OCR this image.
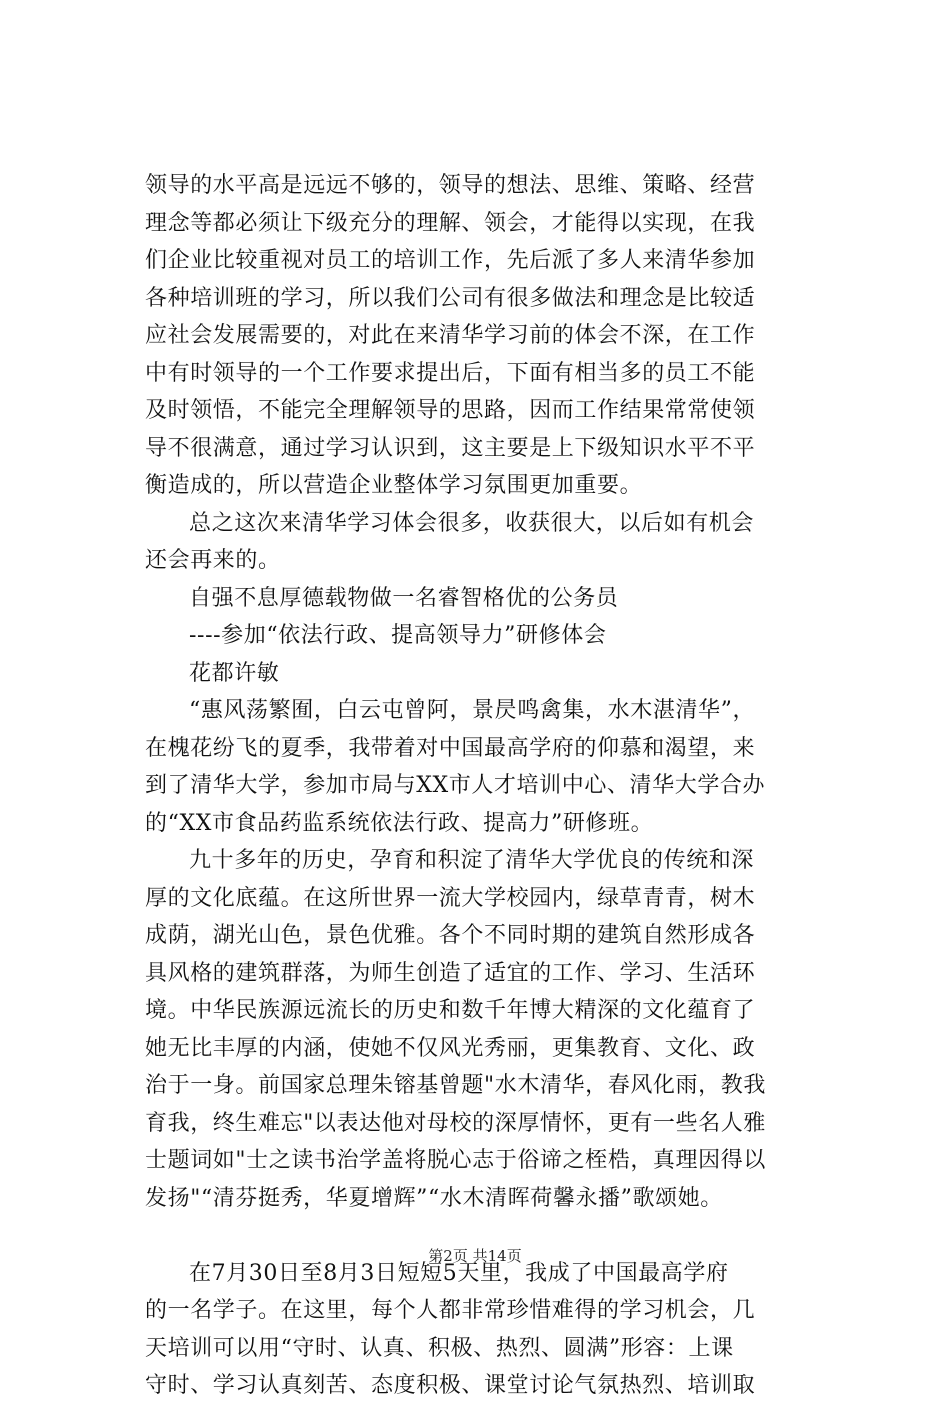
领导的水平高是远远不够的，领导的想法、思维、策略、经营
理念等都必须让下级充分的理解、领会，才能得以实现，在我
们企业比较重视对员工的培训工作，先后派了多人来清华参加
各种培训班的学习，所以我们公司有很多做法和理念是比较适
应社会发展需要的，对此在来清华学习前的体会不深，在工作
中有时领导的一个工作要求提出后，下面有相当多的员工不能
及时领悟，不能完全理解领导的思路，因而工作结果常常使领
导不很满意，通过学习认识到，这主要是上下级知识水平不平
衡造成的，所以营造企业整体学习氛围更加重要。
总之这次来清华学习体会很多，收获很大，以后如有机会
还会再来的。
自强不息厚德载物做一名睿智格优的公务员
----参加“依法行政、提高领导力”研修体会
花都许敏
“惠风荡繁囿，白云屯曾阿，景昃鸣禽集，水木湛清华”，
在槐花纷飞的夏季，我带着对中国最高学府的仰慕和渴望，来
到了清华大学，参加市局与XX市人才培训中心、清华大学合办
的“XX市食品药监系统依法行政、提高力”研修班。
九十多年的历史，孕育和积淀了清华大学优良的传统和深
厚的文化底蕴。在这所世界一流大学校园内，绿草青青，树木
成荫，湖光山色，景色优雅。各个不同时期的建筑自然形成各
具风格的建筑群落，为师生创造了适宜的工作、学习、生活环
境。中华民族源远流长的历史和数千年博大精深的文化蕴育了
她无比丰厚的内涵，使她不仅风光秀丽，更集教育、文化、政
治于一身。前国家总理朱镕基曾题"水木清华，春风化雨，教我
育我，终生难忘"以表达他对母校的深厚情怀，更有一些名人雅
士题词如"士之读书治学盖将脱心志于俗谛之桎梏，真理因得以
发扬"“清芬挺秀，华夏增辉”“水木清晖荷馨永播”歌颂她。
在7月30日至8月3日短短5天里，我成了中国最高学府
的一名学子。在这里，每个人都非常珍惜难得的学习机会，几
天培训可以用“守时、认真、积极、热烈、圆满”形容：上课
守时、学习认真刻苦、态度积极、课堂讨论气氛热烈、培训取
第2页 共14页
